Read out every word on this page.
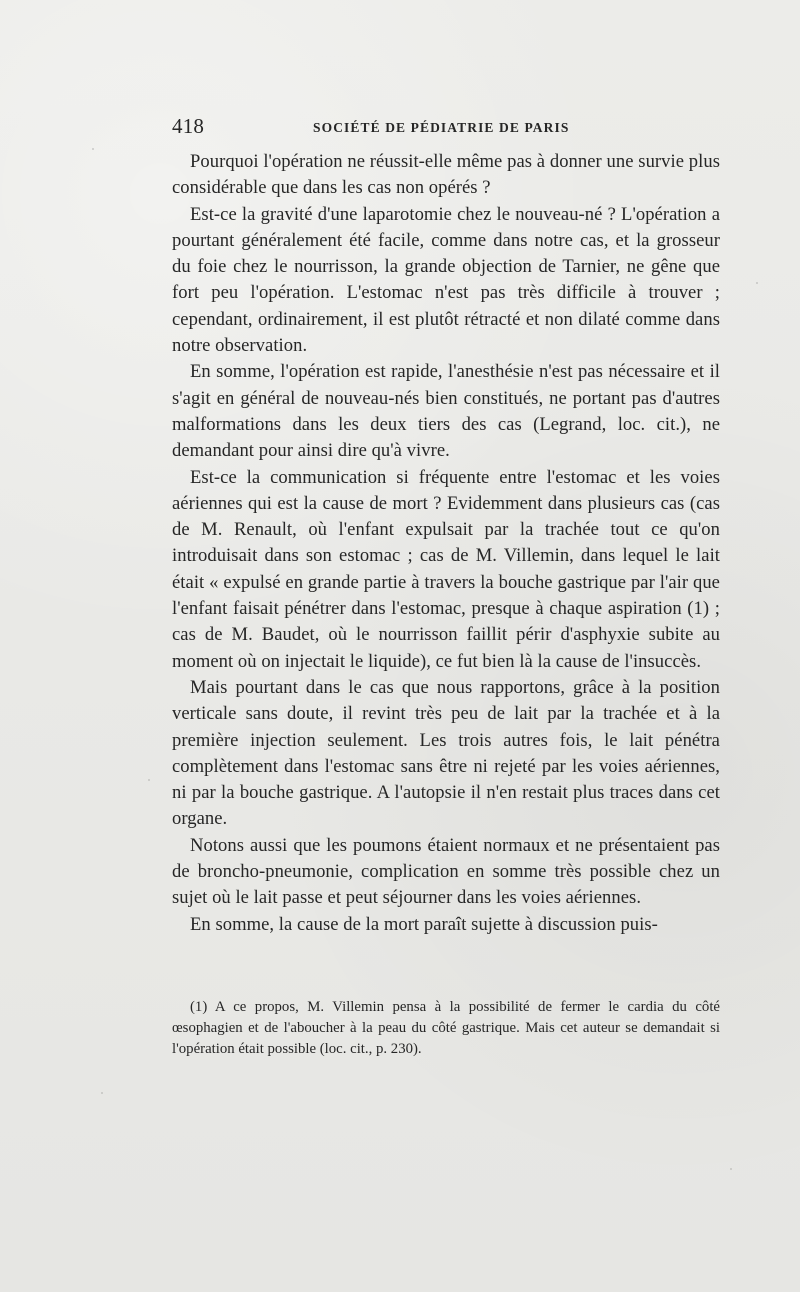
418	SOCIÉTÉ DE PÉDIATRIE DE PARIS

Pourquoi l'opération ne réussit-elle même pas à donner une survie plus considérable que dans les cas non opérés ?

Est-ce la gravité d'une laparotomie chez le nouveau-né ? L'opération a pourtant généralement été facile, comme dans notre cas, et la grosseur du foie chez le nourrisson, la grande objection de Tarnier, ne gêne que fort peu l'opération. L'estomac n'est pas très difficile à trouver ; cependant, ordinairement, il est plutôt rétracté et non dilaté comme dans notre observation.

En somme, l'opération est rapide, l'anesthésie n'est pas nécessaire et il s'agit en général de nouveau-nés bien constitués, ne portant pas d'autres malformations dans les deux tiers des cas (Legrand, loc. cit.), ne demandant pour ainsi dire qu'à vivre.

Est-ce la communication si fréquente entre l'estomac et les voies aériennes qui est la cause de mort ? Evidemment dans plusieurs cas (cas de M. Renault, où l'enfant expulsait par la trachée tout ce qu'on introduisait dans son estomac ; cas de M. Villemin, dans lequel le lait était « expulsé en grande partie à travers la bouche gastrique par l'air que l'enfant faisait pénétrer dans l'estomac, presque à chaque aspiration (1) ; cas de M. Baudet, où le nourrisson faillit périr d'asphyxie subite au moment où on injectait le liquide), ce fut bien là la cause de l'insuccès.

Mais pourtant dans le cas que nous rapportons, grâce à la position verticale sans doute, il revint très peu de lait par la trachée et à la première injection seulement. Les trois autres fois, le lait pénétra complètement dans l'estomac sans être ni rejeté par les voies aériennes, ni par la bouche gastrique. A l'autopsie il n'en restait plus traces dans cet organe.

Notons aussi que les poumons étaient normaux et ne présentaient pas de broncho-pneumonie, complication en somme très possible chez un sujet où le lait passe et peut séjourner dans les voies aériennes.

En somme, la cause de la mort paraît sujette à discussion puis-

(1) A ce propos, M. Villemin pensa à la possibilité de fermer le cardia du côté œsophagien et de l'aboucher à la peau du côté gastrique. Mais cet auteur se demandait si l'opération était possible (loc. cit., p. 230).
